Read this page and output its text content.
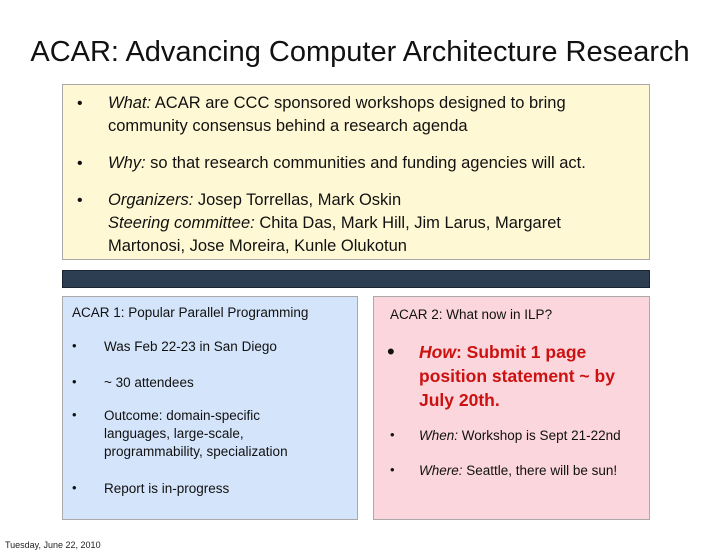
ACAR: Advancing Computer Architecture Research
• What: ACAR are CCC sponsored workshops designed to bring community consensus behind a research agenda
• Why: so that research communities and funding agencies will act.
• Organizers: Josep Torrellas, Mark Oskin
Steering committee: Chita Das, Mark Hill, Jim Larus, Margaret Martonosi, Jose Moreira, Kunle Olukotun
ACAR 1: Popular Parallel Programming
• Was Feb 22-23 in San Diego
• ~ 30 attendees
• Outcome: domain-specific languages, large-scale, programmability, specialization
• Report is in-progress
ACAR 2: What now in ILP?
• How: Submit 1 page position statement ~ by July 20th.
• When: Workshop is Sept 21-22nd
• Where: Seattle, there will be sun!
Tuesday, June 22, 2010
